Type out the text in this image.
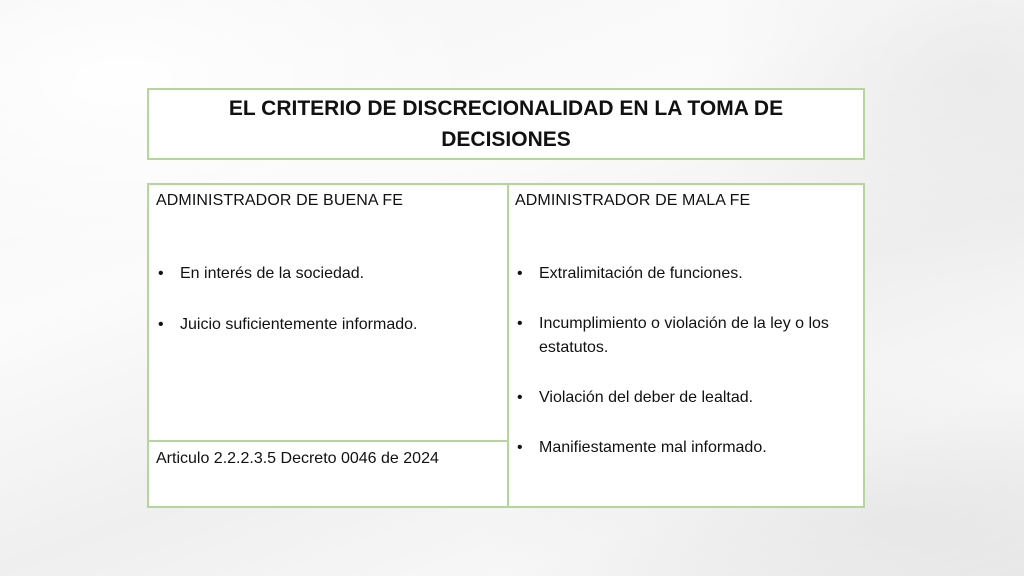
EL CRITERIO DE DISCRECIONALIDAD EN LA TOMA DE DECISIONES
ADMINISTRADOR DE BUENA FE	ADMINISTRADOR DE MALA FE
• En interés de la sociedad.
• Juicio suficientemente informado.
• Extralimitación de funciones.
• Incumplimiento o violación de la ley o los estatutos.
• Violación del deber de lealtad.
• Manifiestamente mal informado.
Articulo 2.2.2.3.5 Decreto 0046 de 2024
